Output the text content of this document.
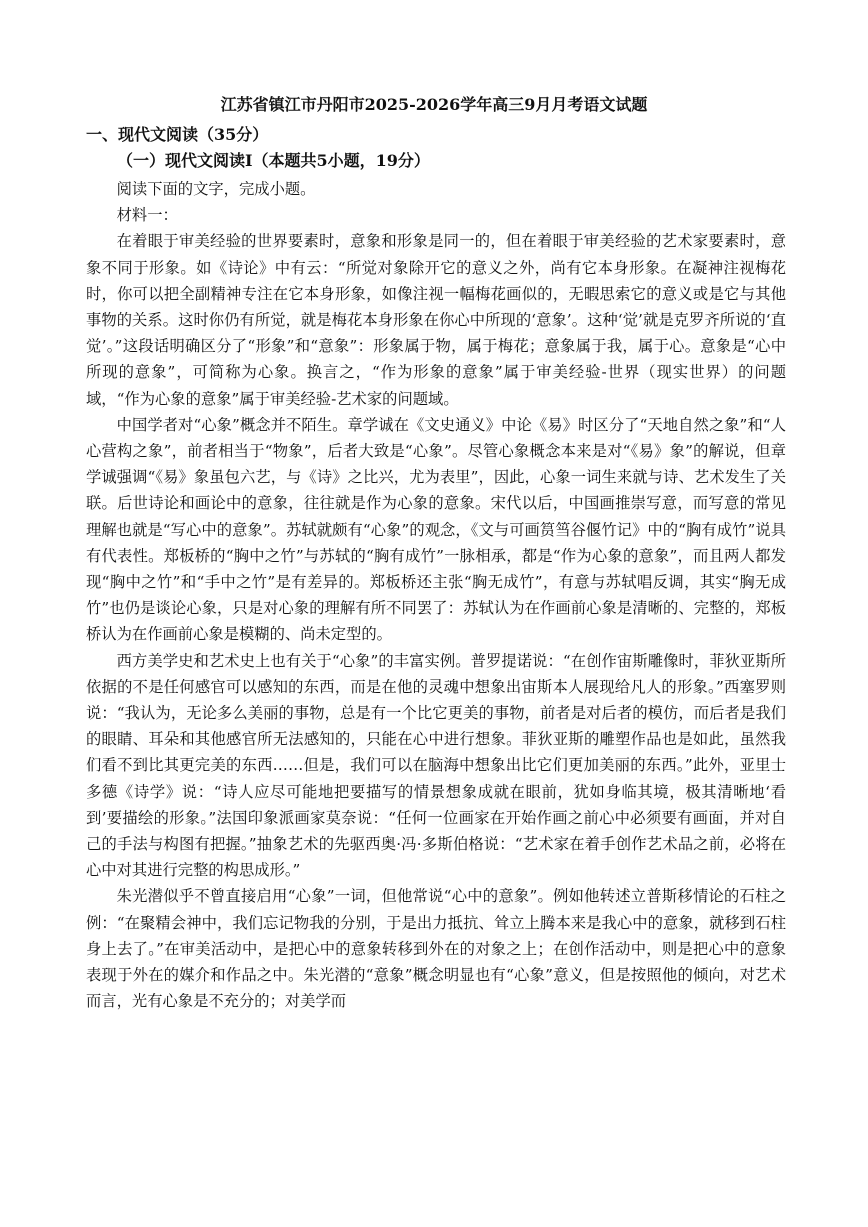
江苏省镇江市丹阳市2025-2026学年高三9月月考语文试题
一、现代文阅读（35分）
（一）现代文阅读I（本题共5小题，19分）

阅读下面的文字，完成小题。

材料一：

在着眼于审美经验的世界要素时，意象和形象是同一的，但在着眼于审美经验的艺术家要素时，意象不同于形象。如《诗论》中有云：“所觉对象除开它的意义之外，尚有它本身形象。在凝神注视梅花时，你可以把全副精神专注在它本身形象，如像注视一幅梅花画似的，无暇思索它的意义或是它与其他事物的关系。这时你仍有所觉，就是梅花本身形象在你心中所现的‘意象’。这种‘觉’就是克罗齐所说的‘直觉’。”这段话明确区分了“形象”和“意象”：形象属于物，属于梅花；意象属于我，属于心。意象是“心中所现的意象”，可简称为心象。换言之，“作为形象的意象”属于审美经验-世界（现实世界）的问题域，“作为心象的意象”属于审美经验-艺术家的问题域。

中国学者对“心象”概念并不陌生。章学诚在《文史通义》中论《易》时区分了“天地自然之象”和“人心营构之象”，前者相当于“物象”，后者大致是“心象”。尽管心象概念本来是对“《易》象”的解说，但章学诚强调“《易》象虽包六艺，与《诗》之比兴，尤为表里”，因此，心象一词生来就与诗、艺术发生了关联。后世诗论和画论中的意象，往往就是作为心象的意象。宋代以后，中国画推崇写意，而写意的常见理解也就是“写心中的意象”。苏轼就颇有“心象”的观念，《文与可画筼筜谷偃竹记》中的“胸有成竹”说具有代表性。郑板桥的“胸中之竹”与苏轼的“胸有成竹”一脉相承，都是“作为心象的意象”，而且两人都发现“胸中之竹”和“手中之竹”是有差异的。郑板桥还主张“胸无成竹”，有意与苏轼唱反调，其实“胸无成竹”也仍是谈论心象，只是对心象的理解有所不同罢了：苏轼认为在作画前心象是清晰的、完整的，郑板桥认为在作画前心象是模糊的、尚未定型的。

西方美学史和艺术史上也有关于“心象”的丰富实例。普罗提诺说：“在创作宙斯雕像时，菲狄亚斯所依据的不是任何感官可以感知的东西，而是在他的灵魂中想象出宙斯本人展现给凡人的形象。”西塞罗则说：“我认为，无论多么美丽的事物，总是有一个比它更美的事物，前者是对后者的模仿，而后者是我们的眼睛、耳朵和其他感官所无法感知的，只能在心中进行想象。菲狄亚斯的雕塑作品也是如此，虽然我们看不到比其更完美的东西……但是，我们可以在脑海中想象出比它们更加美丽的东西。”此外，亚里士多德《诗学》说：“诗人应尽可能地把要描写的情景想象成就在眼前，犹如身临其境，极其清晰地‘看到’要描绘的形象。”法国印象派画家莫奈说：“任何一位画家在开始作画之前心中必须要有画面，并对自己的手法与构图有把握。”抽象艺术的先驱西奥·冯·多斯伯格说：“艺术家在着手创作艺术品之前，必将在心中对其进行完整的构思成形。”

朱光潜似乎不曾直接启用“心象”一词，但他常说“心中的意象”。例如他转述立普斯移情论的石柱之例：“在聚精会神中，我们忘记物我的分别，于是出力抵抗、耸立上腾本来是我心中的意象，就移到石柱身上去了。”在审美活动中，是把心中的意象转移到外在的对象之上；在创作活动中，则是把心中的意象表现于外在的媒介和作品之中。朱光潜的“意象”概念明显也有“心象”意义，但是按照他的倾向，对艺术而言，光有心象是不充分的；对美学而
